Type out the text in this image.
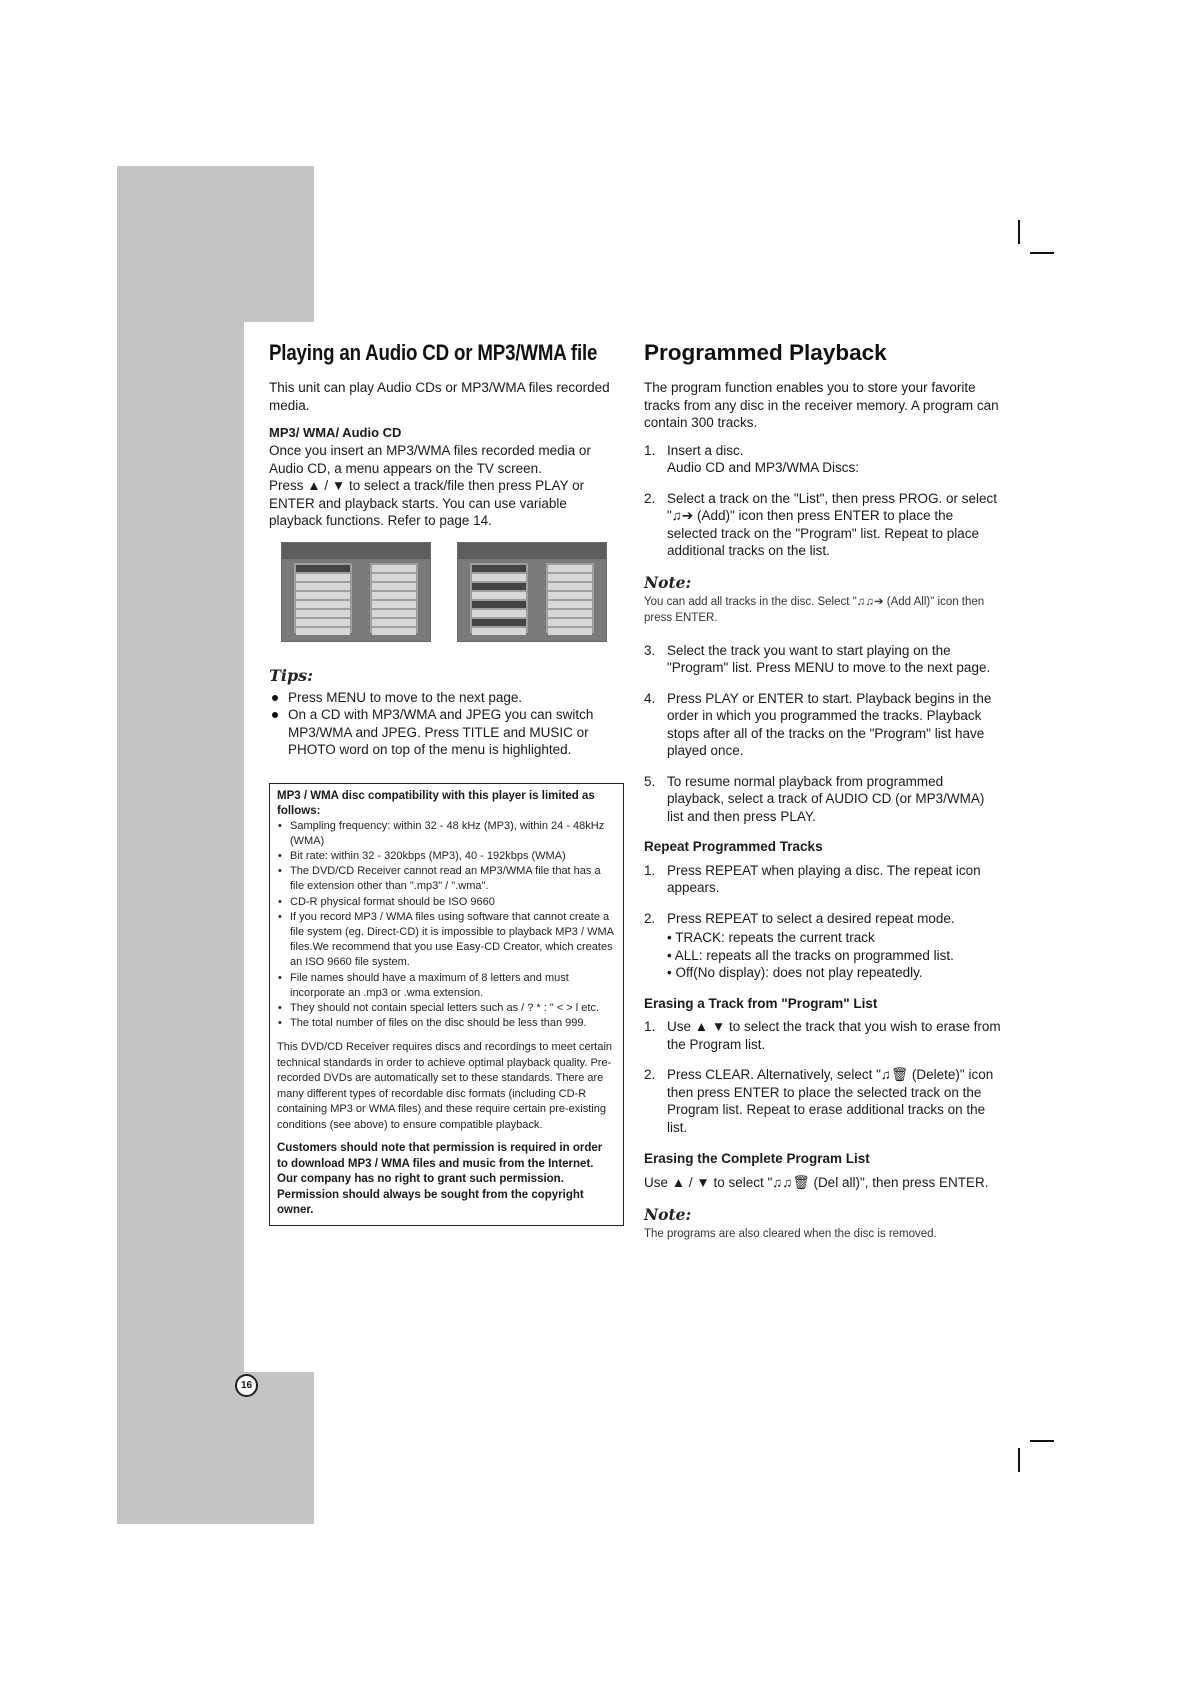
Playing an Audio CD or MP3/WMA file

This unit can play Audio CDs or MP3/WMA files recorded media.

MP3/ WMA/ Audio CD

Once you insert an MP3/WMA files recorded media or Audio CD, a menu appears on the TV screen.

Press ▲ / ▼ to select a track/file then press PLAY or ENTER and playback starts. You can use variable playback functions. Refer to page 14.

Tips:
Press MENU to move to the next page.
On a CD with MP3/WMA and JPEG you can switch MP3/WMA and JPEG. Press TITLE and MUSIC or PHOTO word on top of the menu is highlighted.
MP3 / WMA disc compatibility with this player is limited as follows:
• Sampling frequency: within 32 - 48 kHz (MP3), within 24 - 48kHz (WMA)
• Bit rate: within 32 - 320kbps (MP3), 40 - 192kbps (WMA)
• The DVD/CD Receiver cannot read an MP3/WMA file that has a file extension other than ".mp3" / ".wma".
• CD-R physical format should be ISO 9660
• If you record MP3 / WMA files using software that cannot create a file system (eg. Direct-CD) it is impossible to playback MP3 / WMA files.We recommend that you use Easy-CD Creator, which creates an ISO 9660 file system.
• File names should have a maximum of 8 letters and must incorporate an .mp3 or .wma extension.
• They should not contain special letters such as / ? * : " < > l etc.
• The total number of files on the disc should be less than 999.
This DVD/CD Receiver requires discs and recordings to meet certain technical standards in order to achieve optimal playback quality. Pre-recorded DVDs are automatically set to these standards. There are many different types of recordable disc formats (including CD-R containing MP3 or WMA files) and these require certain pre-existing conditions (see above) to ensure compatible playback.
Customers should note that permission is required in order to download MP3 / WMA files and music from the Internet. Our company has no right to grant such permission. Permission should always be sought from the copyright owner.
Programmed Playback

The program function enables you to store your favorite tracks from any disc in the receiver memory. A program can contain 300 tracks.

1. Insert a disc.
Audio CD and MP3/WMA Discs:
2. Select a track on the "List", then press PROG. or select "♫➔ (Add)" icon then press ENTER to place the selected track on the "Program" list. Repeat to place additional tracks on the list.
Note:

You can add all tracks in the disc. Select "♫♫➔ (Add All)" icon then press ENTER.

3. Select the track you want to start playing on the "Program" list. Press MENU to move to the next page.
4. Press PLAY or ENTER to start. Playback begins in the order in which you programmed the tracks. Playback stops after all of the tracks on the "Program" list have played once.
5. To resume normal playback from programmed playback, select a track of AUDIO CD (or MP3/WMA) list and then press PLAY.
Repeat Programmed Tracks
1. Press REPEAT when playing a disc. The repeat icon appears.
2. Press REPEAT to select a desired repeat mode.
• TRACK: repeats the current track
• ALL: repeats all the tracks on programmed list.
• Off(No display): does not play repeatedly.
Erasing a Track from "Program" List
1. Use ▲ ▼ to select the track that you wish to erase from the Program list.
2. Press CLEAR. Alternatively, select "♫🗑 (Delete)" icon then press ENTER to place the selected track on the Program list. Repeat to erase additional tracks on the list.
Erasing the Complete Program List

Use ▲ / ▼ to select "♫♫🗑 (Del all)", then press ENTER.

Note:

The programs are also cleared when the disc is removed.

16
